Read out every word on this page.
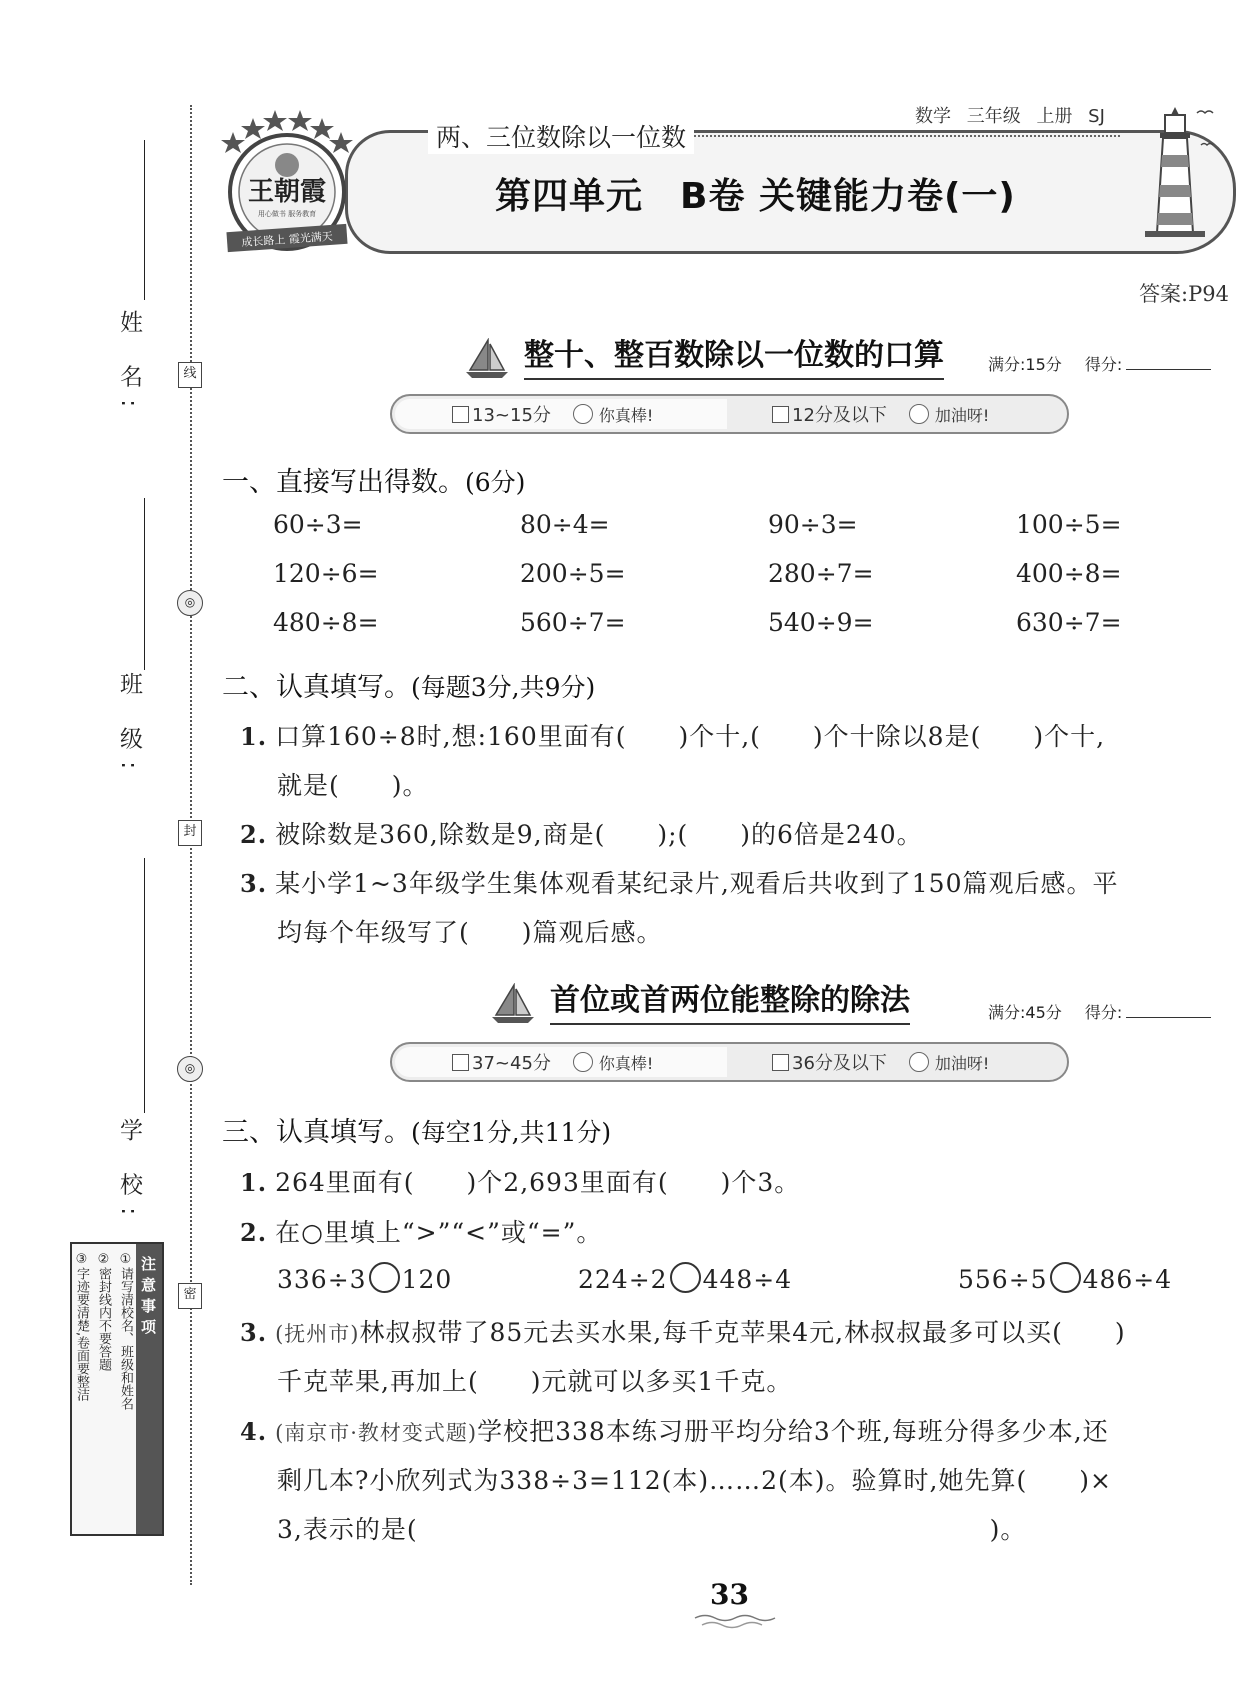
姓 名:
班 级:
学 校:
线
◎
封
◎
密
注意事项
①请写清校名、班级和姓名
②密封线内不要答题
③字迹要清楚,卷面要整洁
王朝霞
用心做书 服务教育
成长路上 霞光满天
两、三位数除以一位数
数学 三年级 上册 SJ
第四单元　B卷 关键能力卷(一)
答案:P94
整十、整百数除以一位数的口算	满分:15分 得分:
13~15分	你真棒!	12分及以下	加油呀!
一、直接写出得数。(6分)
60÷3=	80÷4=	90÷3=	100÷5=
120÷6=	200÷5=	280÷7=	400÷8=
480÷8=	560÷7=	540÷9=	630÷7=
二、认真填写。(每题3分,共9分)
1. 口算160÷8时,想:160里面有(　　)个十,(　　)个十除以8是(　　)个十,
就是(　　)。
2. 被除数是360,除数是9,商是(　　);(　　)的6倍是240。
3. 某小学1~3年级学生集体观看某纪录片,观看后共收到了150篇观后感。平
均每个年级写了(　　)篇观后感。
首位或首两位能整除的除法	满分:45分 得分:
37~45分	你真棒!	36分及以下	加油呀!
三、认真填写。(每空1分,共11分)
1. 264里面有(　　)个2,693里面有(　　)个3。
2. 在○里填上“>”“<”或“=”。
336÷3 120	224÷2 448÷4	556÷5 486÷4
3. (抚州市)林叔叔带了85元去买水果,每千克苹果4元,林叔叔最多可以买(　　)
千克苹果,再加上(　　)元就可以多买1千克。
4. (南京市·教材变式题)学校把338本练习册平均分给3个班,每班分得多少本,还
剩几本?小欣列式为338÷3=112(本)……2(本)。验算时,她先算(　　)×
3,表示的是(　　　　　　　　　　　　　　　　　　　　　　)。
33
